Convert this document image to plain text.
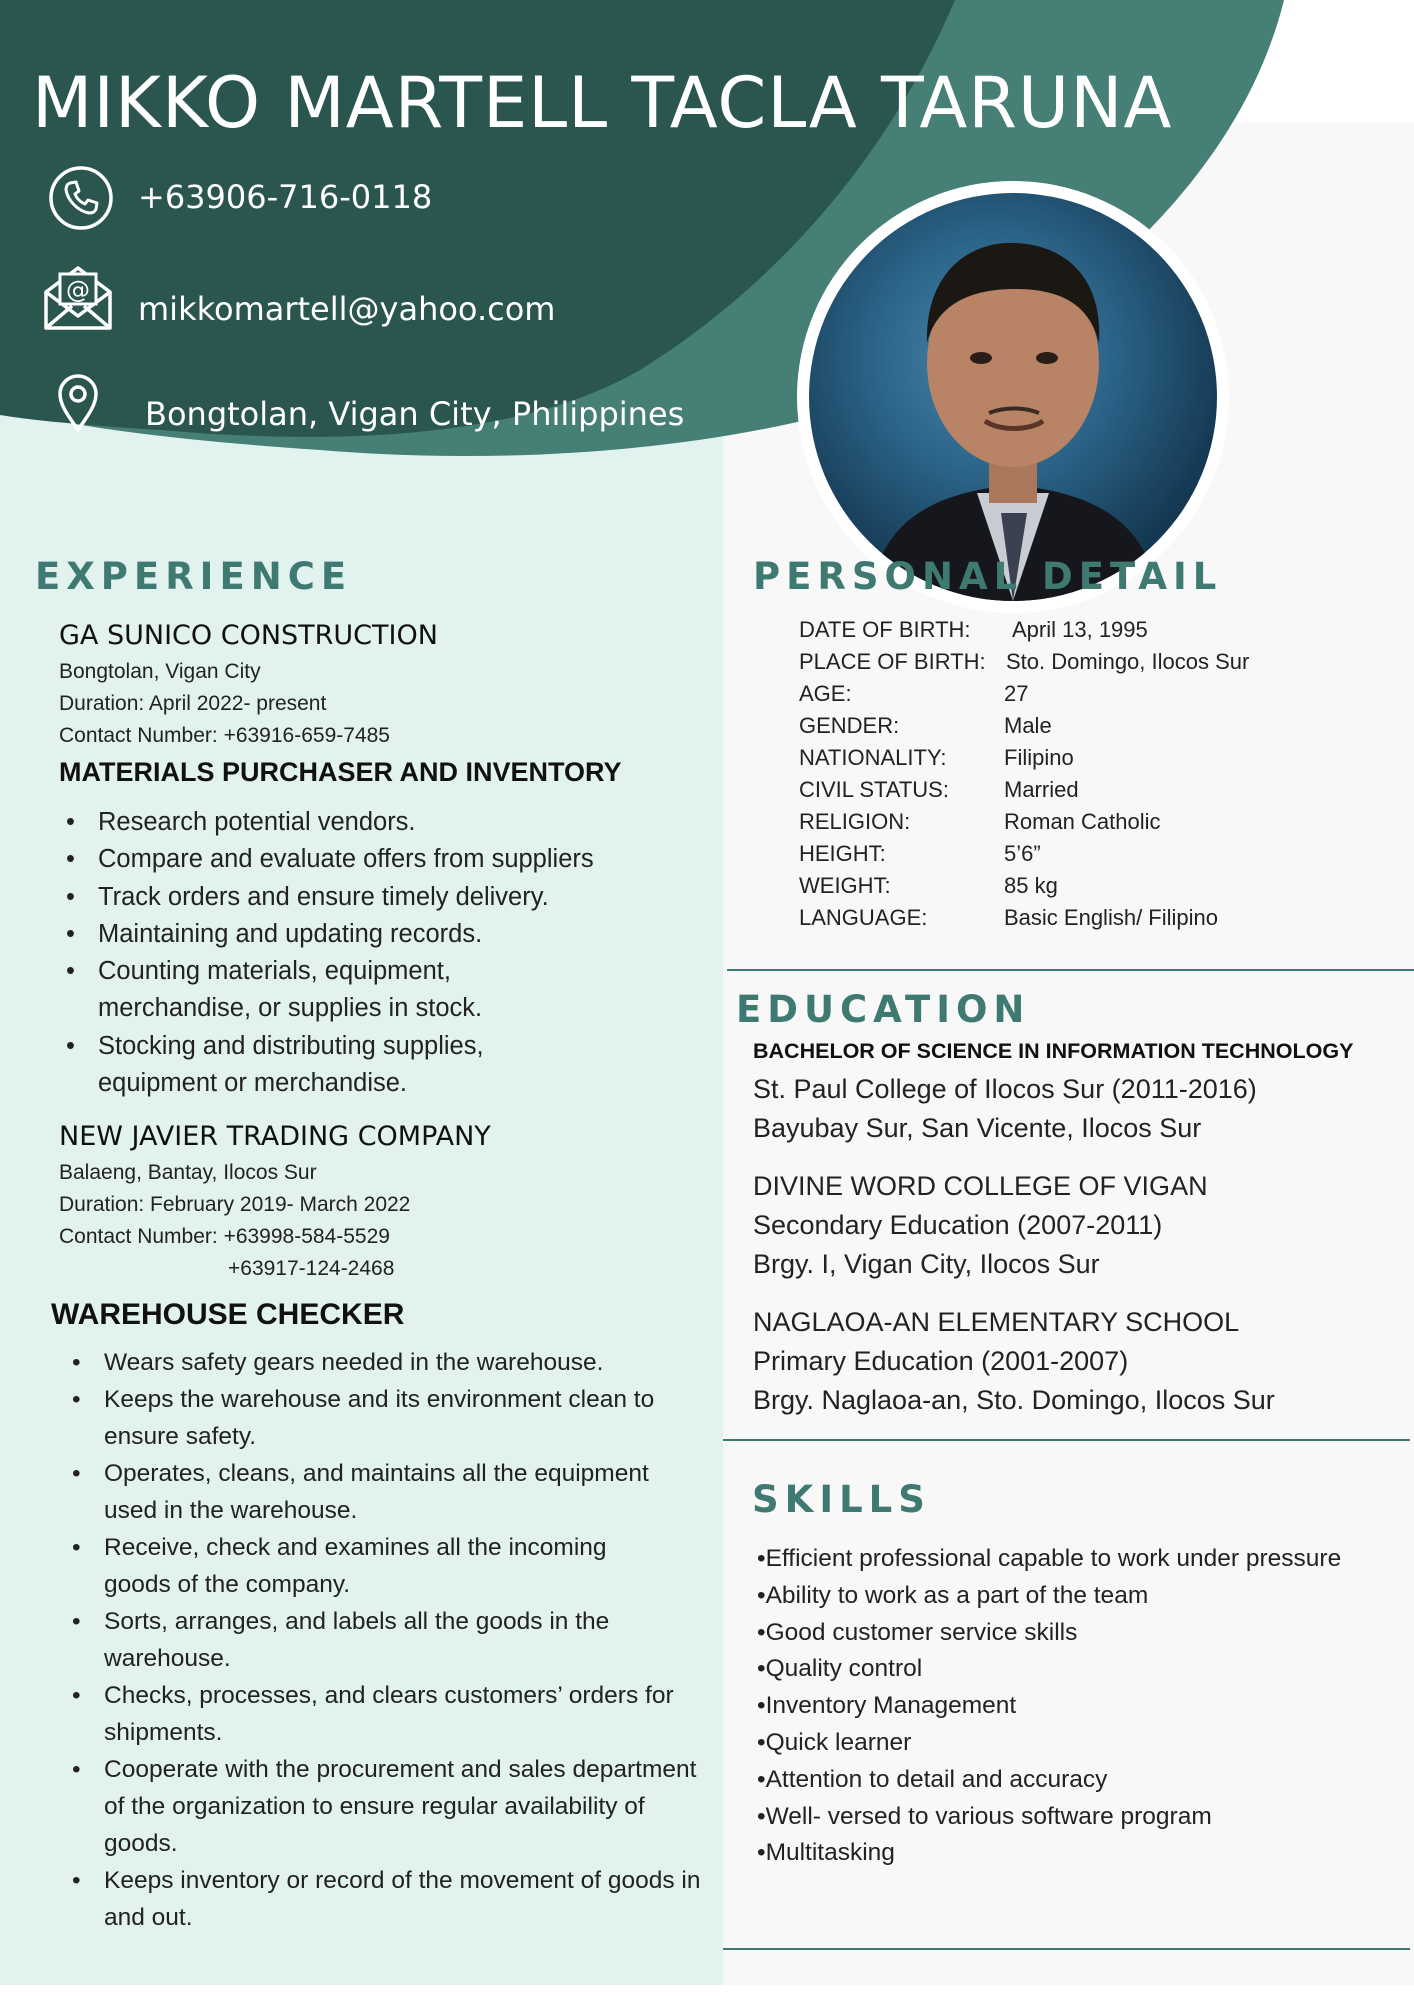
MIKKO MARTELL TACLA TARUNA
+63906-716-0118
@ mikkomartell@yahoo.com
Bongtolan, Vigan City, Philippines
EXPERIENCE
GA SUNICO CONSTRUCTION
Bongtolan, Vigan City
Duration: April 2022- present
Contact Number: +63916-659-7485
MATERIALS PURCHASER AND INVENTORY
• Research potential vendors.
• Compare and evaluate offers from suppliers
• Track orders and ensure timely delivery.
• Maintaining and updating records.
• Counting materials, equipment, merchandise, or supplies in stock.
• Stocking and distributing supplies, equipment or merchandise.
NEW JAVIER TRADING COMPANY
Balaeng, Bantay, Ilocos Sur
Duration: February 2019- March 2022
Contact Number: +63998-584-5529
+63917-124-2468
WAREHOUSE CHECKER
• Wears safety gears needed in the warehouse.
• Keeps the warehouse and its environment clean to ensure safety.
• Operates, cleans, and maintains all the equipment used in the warehouse.
• Receive, check and examines all the incoming goods of the company.
• Sorts, arranges, and labels all the goods in the warehouse.
• Checks, processes, and clears customers’ orders for shipments.
• Cooperate with the procurement and sales department of the organization to ensure regular availability of goods.
• Keeps inventory or record of the movement of goods in and out.
PERSONAL DETAIL
DATE OF BIRTH: April 13, 1995
PLACE OF BIRTH: Sto. Domingo, Ilocos Sur
AGE:	27
GENDER:	Male
NATIONALITY:	Filipino
CIVIL STATUS:	Married
RELIGION:	Roman Catholic
HEIGHT:	5’6”
WEIGHT:	85 kg
LANGUAGE:	Basic English/ Filipino
EDUCATION
BACHELOR OF SCIENCE IN INFORMATION TECHNOLOGY
St. Paul College of Ilocos Sur (2011-2016)
Bayubay Sur, San Vicente, Ilocos Sur
DIVINE WORD COLLEGE OF VIGAN
Secondary Education (2007-2011)
Brgy. I, Vigan City, Ilocos Sur
NAGLAOA-AN ELEMENTARY SCHOOL
Primary Education (2001-2007)
Brgy. Naglaoa-an, Sto. Domingo, Ilocos Sur
SKILLS
•Efficient professional capable to work under pressure
•Ability to work as a part of the team
•Good customer service skills
•Quality control
•Inventory Management
•Quick learner
•Attention to detail and accuracy
•Well- versed to various software program
•Multitasking
